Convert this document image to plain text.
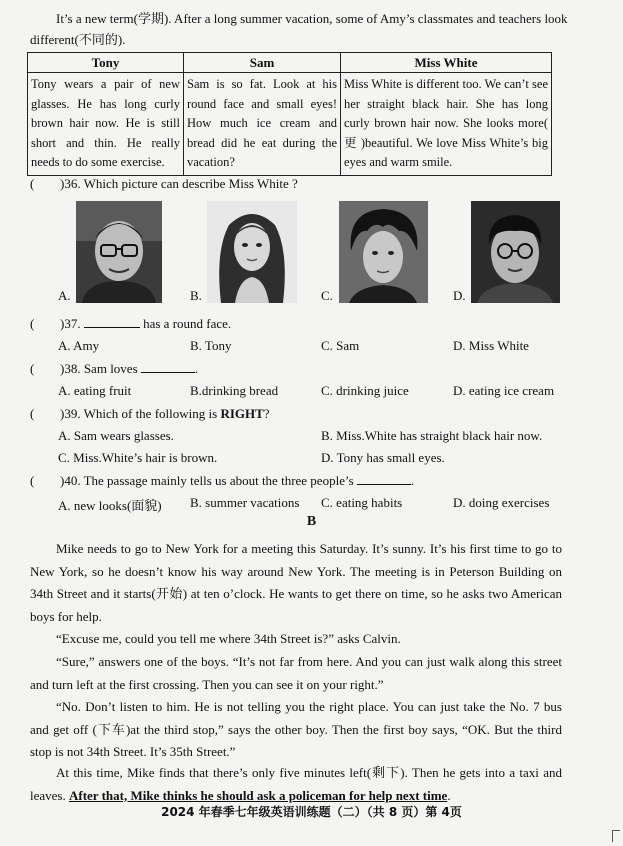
It’s a new term(学期). After a long summer vacation, some of Amy’s classmates and teachers look different(不同的).

Tony	Sam	Miss White
Tony wears a pair of new glasses. He has long curly brown hair now. He is still short and thin. He really needs to do some exercise.	Sam is so fat. Look at his round face and small eyes! How much ice cream and bread did he eat during the vacation?	Miss White is different too. We can’t see her straight black hair. She has long curly brown hair now. She looks more( 更 )beautiful. We love Miss White’s big eyes and warm smile.
( )36. Which picture can describe Miss White ?
A.	B.	C.	D.
( )37.	has a round face.
A. Amy	B. Tony	C. Sam	D. Miss White
( )38. Sam loves	.
A. eating fruit	B.drinking bread	C. drinking juice	D. eating ice cream
( )39. Which of the following is RIGHT?
A. Sam wears glasses.	B. Miss.White has straight black hair now.
C. Miss.White’s hair is brown.	D. Tony has small eyes.
( )40. The passage mainly tells us about the three people’s	.
A. new looks(面貌) B. summer vacations C. eating habits	D. doing exercises
B

Mike needs to go to New York for a meeting this Saturday. It’s sunny. It’s his first time to go to New York, so he doesn’t know his way around New York. The meeting is in Peterson Building on 34th Street and it starts(开始) at ten o’clock. He wants to get there on time, so he asks two American boys for help.

“Excuse me, could you tell me where 34th Street is?” asks Calvin.

“Sure,” answers one of the boys. “It’s not far from here. And you can just walk along this street and turn left at the first crossing. Then you can see it on your right.”

“No. Don’t listen to him. He is not telling you the right place. You can just take the No. 7 bus and get off (下车)at the third stop,” says the other boy. Then the first boy says, “OK. But the third stop is not 34th Street. It’s 35th Street.”

At this time, Mike finds that there’s only five minutes left(剩下). Then he gets into a taxi and leaves. After that, Mike thinks he should ask a policeman for help next time.

2024 年春季七年级英语训练题（二）（共 8 页）第 4页
